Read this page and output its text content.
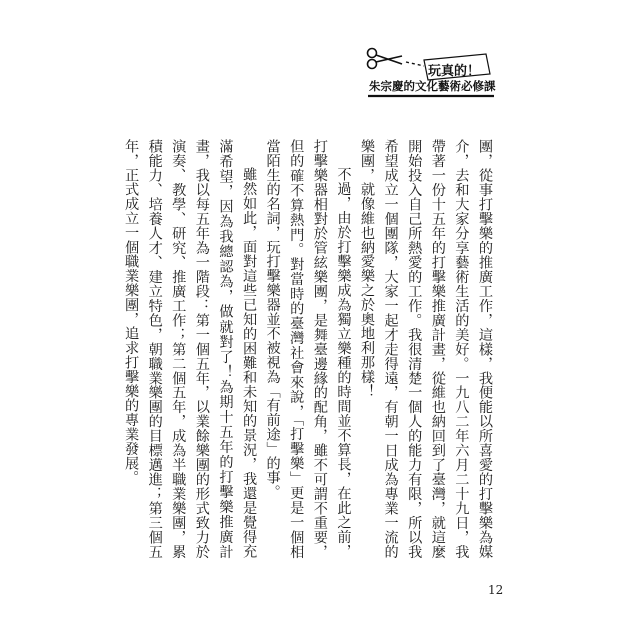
玩真的！
朱宗慶的文化藝術必修課

團，從事打擊樂的推廣工作，這樣，我便能以所喜愛的打擊樂為媒介，去和大家分享藝術生活的美好。一九八二年六月二十九日，我帶著一份十五年的打擊樂推廣計畫，從維也納回到了臺灣，就這麼開始投入自己所熱愛的工作。我很清楚一個人的能力有限，所以我希望成立一個團隊，大家一起才走得遠，有朝一日成為專業一流的樂團，就像維也納愛樂之於奧地利那樣！

不過，由於打擊樂成為獨立樂種的時間並不算長，在此之前，打擊樂器相對於管絃樂團，是舞臺邊緣的配角，雖不可謂不重要，但的確不算熱門。對當時的臺灣社會來說，「打擊樂」更是一個相當陌生的名詞，玩打擊樂器並不被視為「有前途」的事。

雖然如此，面對這些已知的困難和未知的景況，我還是覺得充滿希望，因為我總認為，做就對了！為期十五年的打擊樂推廣計畫，我以每五年為一階段：第一個五年，以業餘樂團的形式致力於演奏、教學、研究、推廣工作；第二個五年，成為半職業樂團，累積能力、培養人才、建立特色，朝職業樂團的目標邁進；第三個五年，正式成立一個職業樂團，追求打擊樂的專業發展。

12
